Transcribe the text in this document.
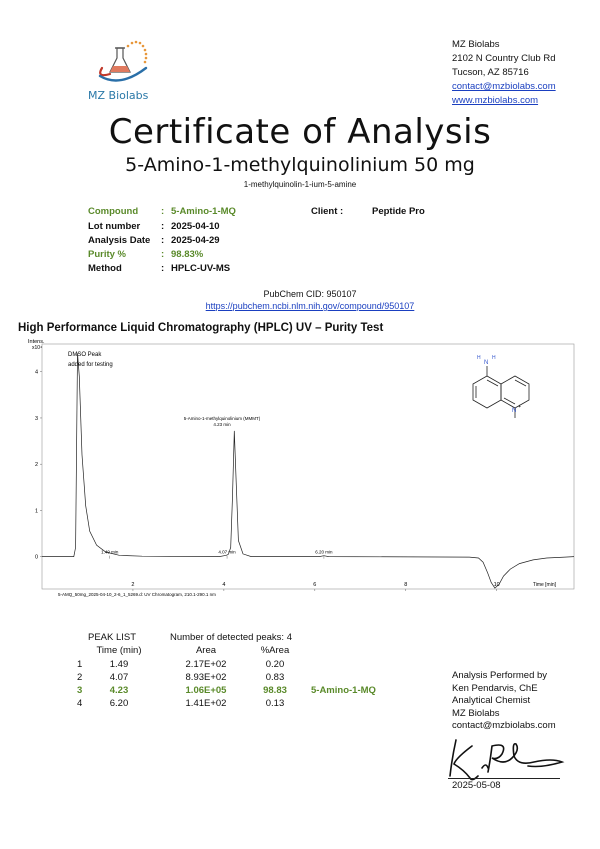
MZ Biolabs
MZ Biolabs
2102 N Country Club Rd
Tucson, AZ 85716
contact@mzbiolabs.com
www.mzbiolabs.com
Certificate of Analysis
5-Amino-1-methylquinolinium 50 mg
1-methylquinolin-1-ium-5-amine
Compound : 5-Amino-1-MQ
Lot number : 2025-04-10
Analysis Date : 2025-04-29
Purity %	: 98.83%
Method	: HPLC-UV-MS
Client :	Peptide Pro
PubChem CID: 950107
https://pubchem.ncbi.nlm.nih.gov/compound/950107
High Performance Liquid Chromatography (HPLC) UV – Purity Test
Intens.
x10⁴
0
1
2
3
4
2	4	6	8	10
1.49 min	4.07 min	6.20 min
DMSO Peak
added for testing
5-Amino-1-methylquinolinium (MMMT)
4.23 min
Time [min]
5-AMQ_50mg_2025-04-10_2-6_1_5269.d: UV Chromatogram, 210.1-290.1 nm
N
H H
N
+
PEAK LIST	Number of detected peaks: 4
Time (min)	Area	%Area
1	1.49	2.17E+02	0.20
2	4.07	8.93E+02	0.83
3	4.23	1.06E+05	98.83	5-Amino-1-MQ
4	6.20	1.41E+02	0.13
Analysis Performed by
Ken Pendarvis, ChE
Analytical Chemist
MZ Biolabs
contact@mzbiolabs.com
2025-05-08
